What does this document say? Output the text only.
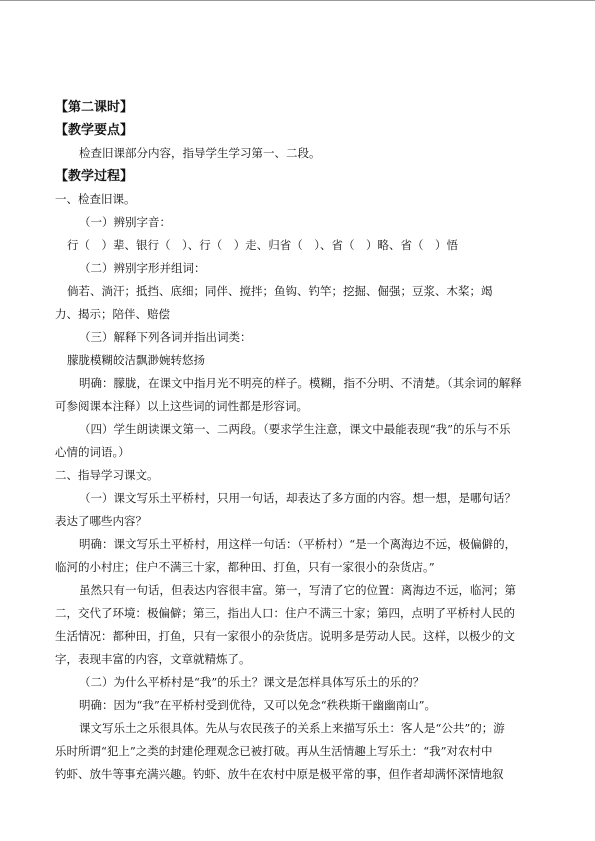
【第二课时】
【教学要点】
检查旧课部分内容，指导学生学习第一、二段。
【教学过程】
一、检查旧课。
（一）辨别字音：
行（　）辈、银行（　）、行（　）走、归省（　）、省（　）略、省（　）悟
（二）辨别字形并组词：
倘若、淌汗；抵挡、底细；同伴、搅拌；鱼钩、钓竿；挖掘、倔强；豆浆、木桨；竭
力、揭示；陪伴、赔偿
（三）解释下列各词并指出词类：
朦胧模糊皎洁飘渺婉转悠扬
明确：朦胧，在课文中指月光不明亮的样子。模糊，指不分明、不清楚。（其余词的解释
可参阅课本注释）以上这些词的词性都是形容词。
（四）学生朗读课文第一、二两段。（要求学生注意，课文中最能表现“我”的乐与不乐
心情的词语。）
二、指导学习课文。
（一）课文写乐土平桥村，只用一句话，却表达了多方面的内容。想一想，是哪句话？
表达了哪些内容？
明确：课文写乐土平桥村，用这样一句话：（平桥村）“是一个离海边不远，极偏僻的，
临河的小村庄；住户不满三十家，都种田、打鱼，只有一家很小的杂货店。”
虽然只有一句话，但表达内容很丰富。第一，写清了它的位置：离海边不远，临河；第
二，交代了环境：极偏僻；第三，指出人口：住户不满三十家；第四，点明了平桥村人民的
生活情况：都种田，打鱼，只有一家很小的杂货店。说明多是劳动人民。这样，以极少的文
字，表现丰富的内容，文章就精炼了。
（二）为什么平桥村是“我”的乐土？课文是怎样具体写乐土的乐的？
明确：因为“我”在平桥村受到优待，又可以免念“秩秩斯干幽幽南山”。
课文写乐土之乐很具体。先从与农民孩子的关系上来描写乐土：客人是“公共”的；游
乐时所谓“犯上”之类的封建伦理观念已被打破。再从生活情趣上写乐土：“我”对农村中
钓虾、放牛等事充满兴趣。钓虾、放牛在农村中原是极平常的事，但作者却满怀深情地叙
